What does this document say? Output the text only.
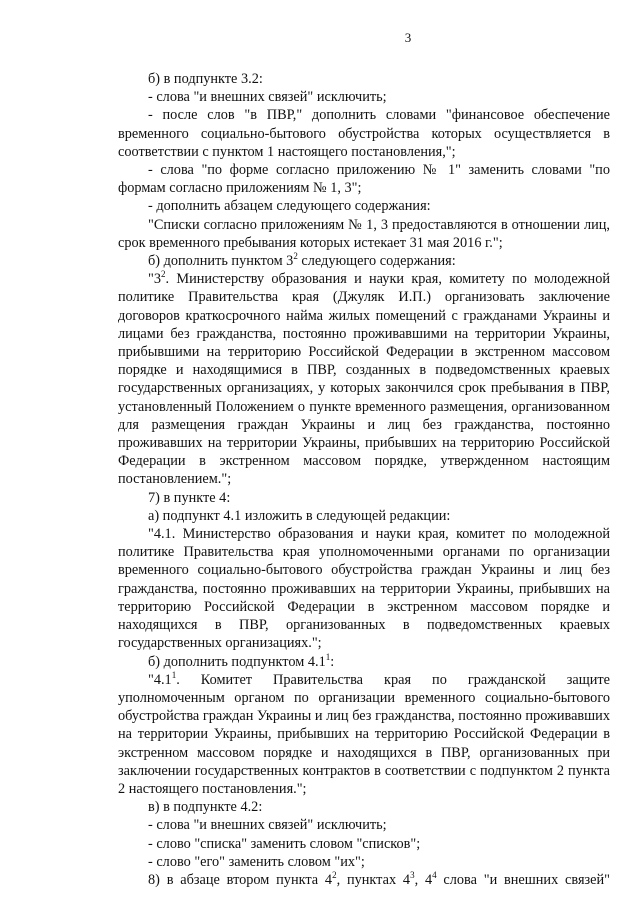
3

б) в подпункте 3.2:

- слова "и внешних связей" исключить;

- после слов "в ПВР," дополнить словами "финансовое обеспечение временного социально-бытового обустройства которых осуществляется в соответствии с пунктом 1 настоящего постановления,";

- слова "по форме согласно приложению № 1" заменить словами "по формам согласно приложениям № 1, 3";

- дополнить абзацем следующего содержания:

"Списки согласно приложениям № 1, 3 предоставляются в отношении лиц, срок временного пребывания которых истекает 31 мая 2016 г.";

б) дополнить пунктом $3^2$ следующего содержания:

"$3^2$. Министерству образования и науки края, комитету по молодежной политике Правительства края (Джуляк И.П.) организовать заключение договоров краткосрочного найма жилых помещений с гражданами Украины и лицами без гражданства, постоянно проживавшими на территории Украины, прибывшими на территорию Российской Федерации в экстренном массовом порядке и находящимися в ПВР, созданных в подведомственных краевых государственных организациях, у которых закончился срок пребывания в ПВР, установленный Положением о пункте временного размещения, организованном для размещения граждан Украины и лиц без гражданства, постоянно проживавших на территории Украины, прибывших на территорию Российской Федерации в экстренном массовом порядке, утвержденном настоящим постановлением.";

7) в пункте 4:

а) подпункт 4.1 изложить в следующей редакции:

"4.1. Министерство образования и науки края, комитет по молодежной политике Правительства края уполномоченными органами по организации временного социально-бытового обустройства граждан Украины и лиц без гражданства, постоянно проживавших на территории Украины, прибывших на территорию Российской Федерации в экстренном массовом порядке и находящихся в ПВР, организованных в подведомственных краевых государственных организациях.";

б) дополнить подпунктом $4.1^1$:

"$4.1^1$. Комитет Правительства края по гражданской защите уполномоченным органом по организации временного социально-бытового обустройства граждан Украины и лиц без гражданства, постоянно проживавших на территории Украины, прибывших на территорию Российской Федерации в экстренном массовом порядке и находящихся в ПВР, организованных при заключении государственных контрактов в соответствии с подпунктом 2 пункта 2 настоящего постановления.";

в) в подпункте 4.2:

- слова "и внешних связей" исключить;

- слово "списка" заменить словом "списков";

- слово "его" заменить словом "их";

8) в абзаце втором пункта $4^2$, пунктах $4^3$, $4^4$ слова "и внешних связей"
